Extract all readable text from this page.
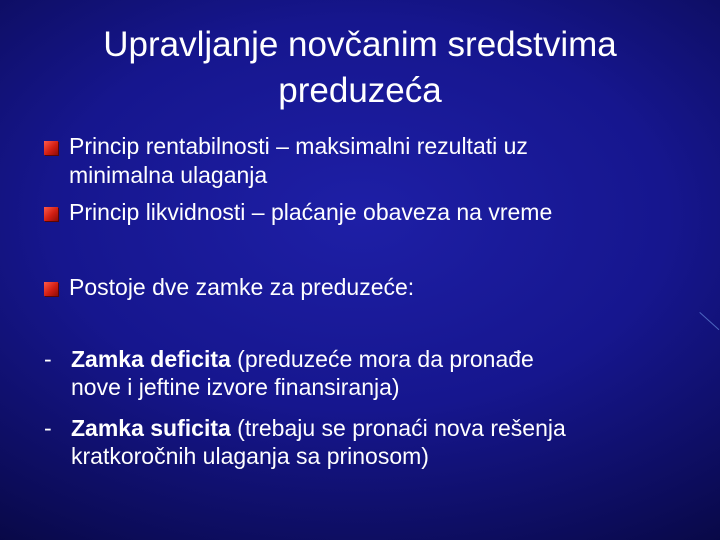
Upravljanje novčanim sredstvima
preduzeća
Princip rentabilnosti – maksimalni rezultati uz
minimalna ulaganja
Princip likvidnosti – plaćanje obaveza na vreme
Postoje dve zamke za preduzeće:
- Zamka deficita (preduzeće mora da pronađe
nove i jeftine izvore finansiranja)
- Zamka suficita (trebaju se pronaći nova rešenja
kratkoročnih ulaganja sa prinosom)
